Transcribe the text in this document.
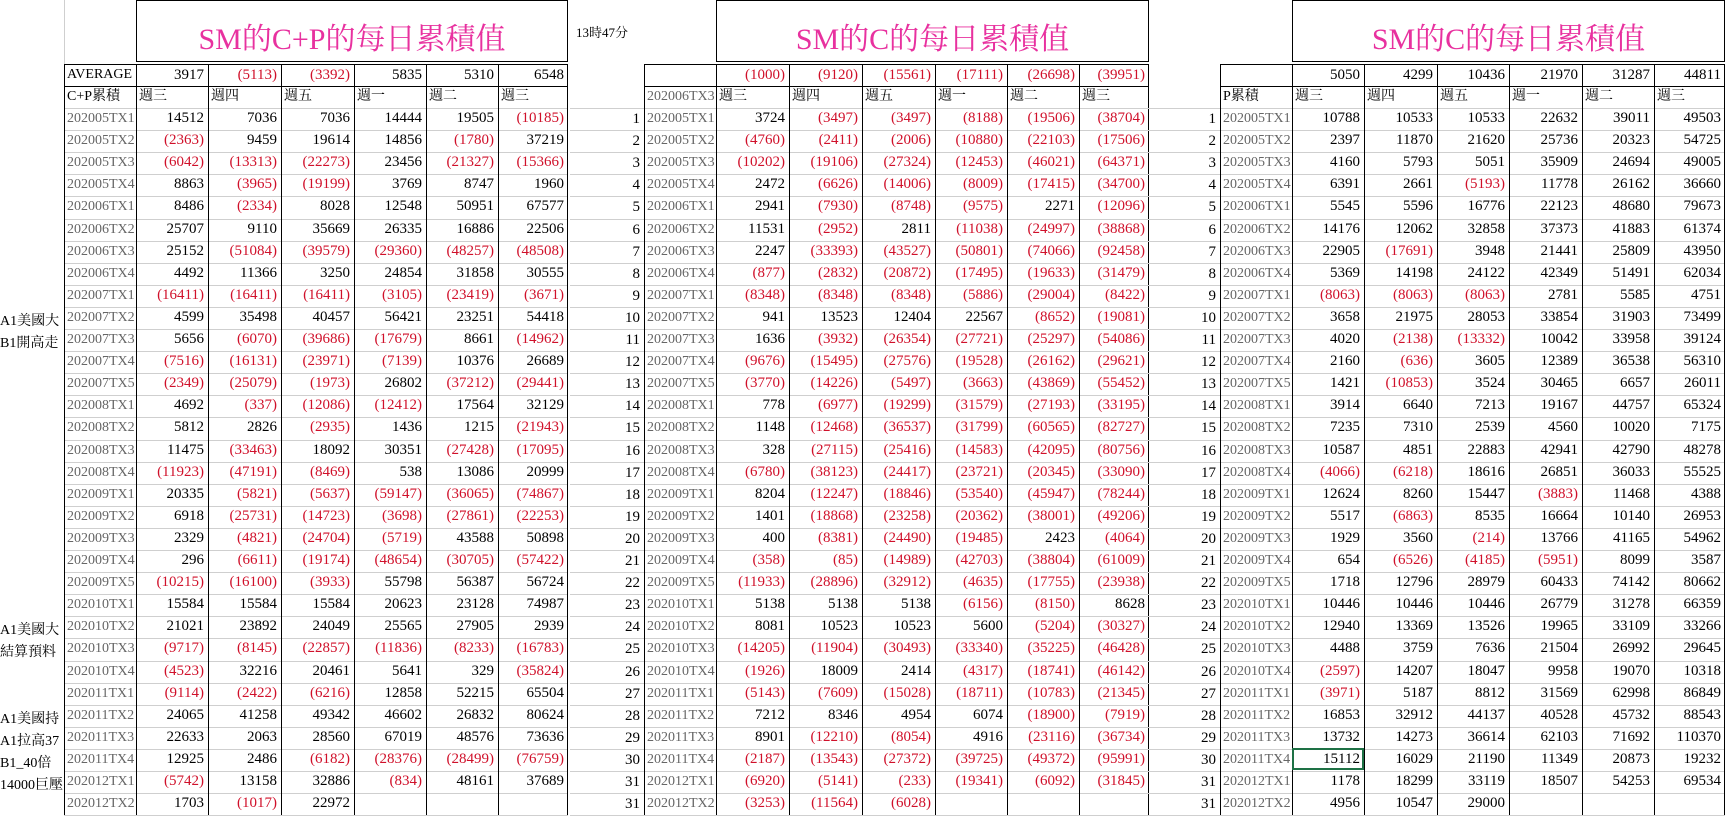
13時47分
A1美國大
B1開高走
A1美國大
結算預料
A1美國持
A1拉高37
B1_40倍
14000巨壓
SM的C+P的每日累積值
AVERAGE	3917	(5113)	(3392)	5835	5310	6548
C+P累積	週三	週四	週五	週一	週二	週三
202005TX1	14512	7036	7036	14444	19505	(10185)
202005TX2	(2363)	9459	19614	14856	(1780)	37219
202005TX3	(6042)	(13313)	(22273)	23456	(21327)	(15366)
202005TX4	8863	(3965)	(19199)	3769	8747	1960
202006TX1	8486	(2334)	8028	12548	50951	67577
202006TX2	25707	9110	35669	26335	16886	22506
202006TX3	25152	(51084)	(39579)	(29360)	(48257)	(48508)
202006TX4	4492	11366	3250	24854	31858	30555
202007TX1	(16411)	(16411)	(16411)	(3105)	(23419)	(3671)
202007TX2	4599	35498	40457	56421	23251	54418
202007TX3	5656	(6070)	(39686)	(17679)	8661	(14962)
202007TX4	(7516)	(16131)	(23971)	(7139)	10376	26689
202007TX5	(2349)	(25079)	(1973)	26802	(37212)	(29441)
202008TX1	4692	(337)	(12086)	(12412)	17564	32129
202008TX2	5812	2826	(2935)	1436	1215	(21943)
202008TX3	11475	(33463)	18092	30351	(27428)	(17095)
202008TX4	(11923)	(47191)	(8469)	538	13086	20999
202009TX1	20335	(5821)	(5637)	(59147)	(36065)	(74867)
202009TX2	6918	(25731)	(14723)	(3698)	(27861)	(22253)
202009TX3	2329	(4821)	(24704)	(5719)	43588	50898
202009TX4	296	(6611)	(19174)	(48654)	(30705)	(57422)
202009TX5	(10215)	(16100)	(3933)	55798	56387	56724
202010TX1	15584	15584	15584	20623	23128	74987
202010TX2	21021	23892	24049	25565	27905	2939
202010TX3	(9717)	(8145)	(22857)	(11836)	(8233)	(16783)
202010TX4	(4523)	32216	20461	5641	329	(35824)
202011TX1	(9114)	(2422)	(6216)	12858	52215	65504
202011TX2	24065	41258	49342	46602	26832	80624
202011TX3	22633	2063	28560	67019	48576	73636
202011TX4	12925	2486	(6182)	(28376)	(28499)	(76759)
202012TX1	(5742)	13158	32886	(834)	48161	37689
202012TX2	1703	(1017)	22972
SM的C的每日累積值
(1000)	(9120)	(15561)	(17111)	(26698)	(39951)
202006TX3 週三	週四	週五	週一	週二	週三
1 202005TX1	3724	(3497)	(3497)	(8188)	(19506)	(38704)
2 202005TX2	(4760)	(2411)	(2006)	(10880)	(22103)	(17506)
3 202005TX3	(10202)	(19106)	(27324)	(12453)	(46021)	(64371)
4 202005TX4	2472	(6626)	(14006)	(8009)	(17415)	(34700)
5 202006TX1	2941	(7930)	(8748)	(9575)	2271	(12096)
6 202006TX2	11531	(2952)	2811	(11038)	(24997)	(38868)
7 202006TX3	2247	(33393)	(43527)	(50801)	(74066)	(92458)
8 202006TX4	(877)	(2832)	(20872)	(17495)	(19633)	(31479)
9 202007TX1	(8348)	(8348)	(8348)	(5886)	(29004)	(8422)
10 202007TX2	941	13523	12404	22567	(8652)	(19081)
11 202007TX3	1636	(3932)	(26354)	(27721)	(25297)	(54086)
12 202007TX4	(9676)	(15495)	(27576)	(19528)	(26162)	(29621)
13 202007TX5	(3770)	(14226)	(5497)	(3663)	(43869)	(55452)
14 202008TX1	778	(6977)	(19299)	(31579)	(27193)	(33195)
15 202008TX2	1148	(12468)	(36537)	(31799)	(60565)	(82727)
16 202008TX3	328	(27115)	(25416)	(14583)	(42095)	(80756)
17 202008TX4	(6780)	(38123)	(24417)	(23721)	(20345)	(33090)
18 202009TX1	8204	(12247)	(18846)	(53540)	(45947)	(78244)
19 202009TX2	1401	(18868)	(23258)	(20362)	(38001)	(49206)
20 202009TX3	400	(8381)	(24490)	(19485)	2423	(4064)
21 202009TX4	(358)	(85)	(14989)	(42703)	(38804)	(61009)
22 202009TX5	(11933)	(28896)	(32912)	(4635)	(17755)	(23938)
23 202010TX1	5138	5138	5138	(6156)	(8150)	8628
24 202010TX2	8081	10523	10523	5600	(5204)	(30327)
25 202010TX3	(14205)	(11904)	(30493)	(33340)	(35225)	(46428)
26 202010TX4	(1926)	18009	2414	(4317)	(18741)	(46142)
27 202011TX1	(5143)	(7609)	(15028)	(18711)	(10783)	(21345)
28 202011TX2	7212	8346	4954	6074	(18900)	(7919)
29 202011TX3	8901	(12210)	(8054)	4916	(23116)	(36734)
30 202011TX4	(2187)	(13543)	(27372)	(39725)	(49372)	(95991)
31 202012TX1	(6920)	(5141)	(233)	(19341)	(6092)	(31845)
31 202012TX2	(3253)	(11564)	(6028)
SM的C的每日累積值
5050	4299	10436	21970	31287	44811
P累積	週三	週四	週五	週一	週二	週三
1 202005TX1	10788	10533	10533	22632	39011	49503
2 202005TX2	2397	11870	21620	25736	20323	54725
3 202005TX3	4160	5793	5051	35909	24694	49005
4 202005TX4	6391	2661	(5193)	11778	26162	36660
5 202006TX1	5545	5596	16776	22123	48680	79673
6 202006TX2	14176	12062	32858	37373	41883	61374
7 202006TX3	22905	(17691)	3948	21441	25809	43950
8 202006TX4	5369	14198	24122	42349	51491	62034
9 202007TX1	(8063)	(8063)	(8063)	2781	5585	4751
10 202007TX2	3658	21975	28053	33854	31903	73499
11 202007TX3	4020	(2138)	(13332)	10042	33958	39124
12 202007TX4	2160	(636)	3605	12389	36538	56310
13 202007TX5	1421	(10853)	3524	30465	6657	26011
14 202008TX1	3914	6640	7213	19167	44757	65324
15 202008TX2	7235	7310	2539	4560	10020	7175
16 202008TX3	10587	4851	22883	42941	42790	48278
17 202008TX4	(4066)	(6218)	18616	26851	36033	55525
18 202009TX1	12624	8260	15447	(3883)	11468	4388
19 202009TX2	5517	(6863)	8535	16664	10140	26953
20 202009TX3	1929	3560	(214)	13766	41165	54962
21 202009TX4	654	(6526)	(4185)	(5951)	8099	3587
22 202009TX5	1718	12796	28979	60433	74142	80662
23 202010TX1	10446	10446	10446	26779	31278	66359
24 202010TX2	12940	13369	13526	19965	33109	33266
25 202010TX3	4488	3759	7636	21504	26992	29645
26 202010TX4	(2597)	14207	18047	9958	19070	10318
27 202011TX1	(3971)	5187	8812	31569	62998	86849
28 202011TX2	16853	32912	44137	40528	45732	88543
29 202011TX3	13732	14273	36614	62103	71692	110370
30 202011TX4	15112	16029	21190	11349	20873	19232
31 202012TX1	1178	18299	33119	18507	54253	69534
31 202012TX2	4956	10547	29000
